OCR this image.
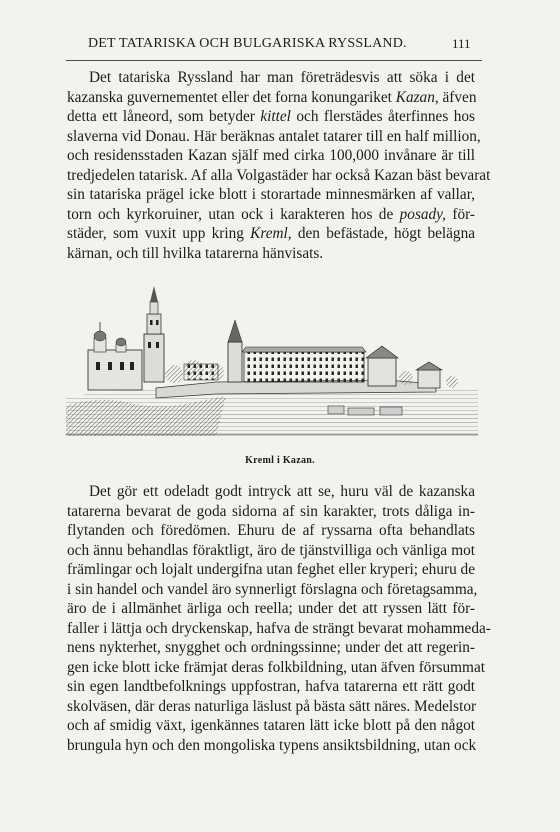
DET TATARISKA OCH BULGARISKA RYSSLAND.	111
Det tatariska Ryssland har man företrädesvis att söka i det
kazanska guvernementet eller det forna konungariket Kazan, äfven
detta ett låneord, som betyder kittel och flerstädes återfinnes hos
slaverna vid Donau. Här beräknas antalet tatarer till en half million,
och residensstaden Kazan själf med cirka 100,000 invånare är till
tredjedelen tatarisk. Af alla Volgastäder har också Kazan bäst bevarat
sin tatariska prägel icke blott i storartade minnesmärken af vallar,
torn och kyrkoruiner, utan ock i karakteren hos de posady, för-
städer, som vuxit upp kring Kreml, den befästade, högt belägna
kärnan, och till hvilka tatarerna hänvisats.
Kreml i Kazan.
Det gör ett odeladt godt intryck att se, huru väl de kazanska
tatarerna bevarat de goda sidorna af sin karakter, trots dåliga in-
flytanden och föredömen. Ehuru de af ryssarna ofta behandlats
och ännu behandlas föraktligt, äro de tjänstvilliga och vänliga mot
främlingar och lojalt undergifna utan feghet eller kryperi; ehuru de
i sin handel och vandel äro synnerligt förslagna och företagsamma,
äro de i allmänhet ärliga och reella; under det att ryssen lätt för-
faller i lättja och dryckenskap, hafva de strängt bevarat mohammeda-
nens nykterhet, snygghet och ordningssinne; under det att regerin-
gen icke blott icke främjat deras folkbildning, utan äfven försummat
sin egen landtbefolknings uppfostran, hafva tatarerna ett rätt godt
skolväsen, där deras naturliga läslust på bästa sätt näres. Medelstor
och af smidig växt, igenkännes tataren lätt icke blott på den något
brungula hyn och den mongoliska typens ansiktsbildning, utan ock
